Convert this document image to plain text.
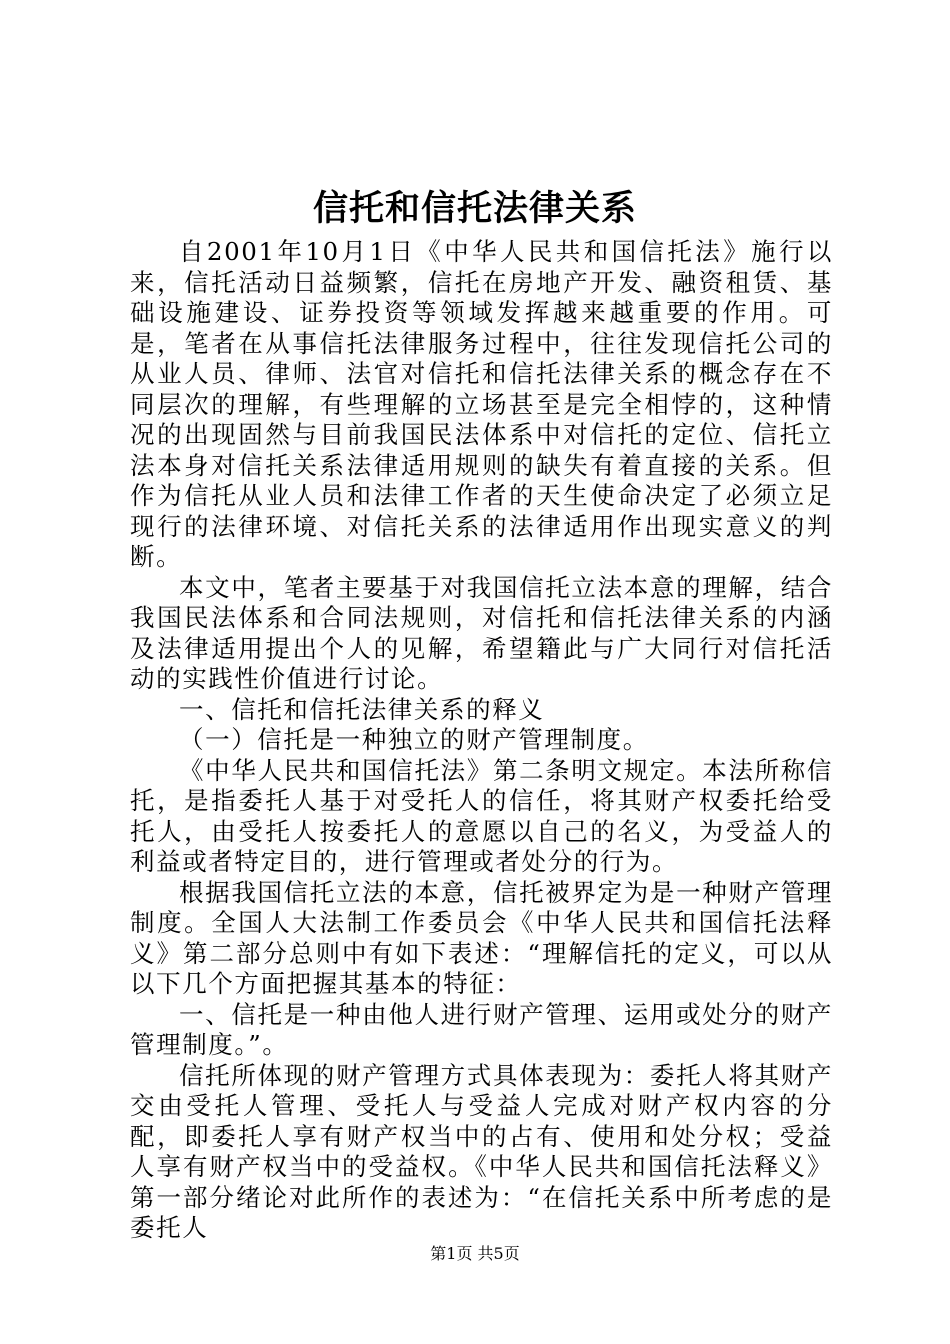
信托和信托法律关系

自2001年10月1日《中华人民共和国信托法》施行以来，信托活动日益频繁，信托在房地产开发、融资租赁、基础设施建设、证券投资等领域发挥越来越重要的作用。可是，笔者在从事信托法律服务过程中，往往发现信托公司的从业人员、律师、法官对信托和信托法律关系的概念存在不同层次的理解，有些理解的立场甚至是完全相悖的，这种情况的出现固然与目前我国民法体系中对信托的定位、信托立法本身对信托关系法律适用规则的缺失有着直接的关系。但作为信托从业人员和法律工作者的天生使命决定了必须立足现行的法律环境、对信托关系的法律适用作出现实意义的判断。

本文中，笔者主要基于对我国信托立法本意的理解，结合我国民法体系和合同法规则，对信托和信托法律关系的内涵及法律适用提出个人的见解，希望籍此与广大同行对信托活动的实践性价值进行讨论。

一、信托和信托法律关系的释义

（一）信托是一种独立的财产管理制度。

《中华人民共和国信托法》第二条明文规定。本法所称信托，是指委托人基于对受托人的信任，将其财产权委托给受托人，由受托人按委托人的意愿以自己的名义，为受益人的利益或者特定目的，进行管理或者处分的行为。

根据我国信托立法的本意，信托被界定为是一种财产管理制度。全国人大法制工作委员会《中华人民共和国信托法释义》第二部分总则中有如下表述：“理解信托的定义，可以从以下几个方面把握其基本的特征：

一、信托是一种由他人进行财产管理、运用或处分的财产管理制度。”。

信托所体现的财产管理方式具体表现为：委托人将其财产交由受托人管理、受托人与受益人完成对财产权内容的分配，即委托人享有财产权当中的占有、使用和处分权；受益人享有财产权当中的受益权。《中华人民共和国信托法释义》第一部分绪论对此所作的表述为：“在信托关系中所考虑的是委托人

第1页 共5页
